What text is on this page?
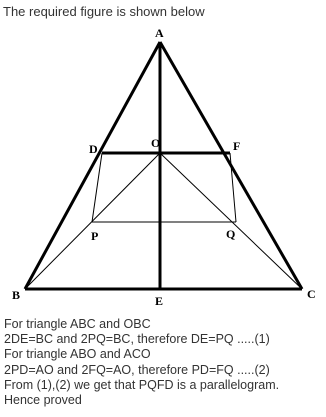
The required figure is shown below
A
B	C
D
E
F
O
P	Q
For triangle ABC and OBC
2DE=BC and 2PQ=BC, therefore DE=PQ .....(1)
For triangle ABO and ACO
2PD=AO and 2FQ=AO, therefore PD=FQ .....(2)
From (1),(2) we get that PQFD is a parallelogram.
Hence proved
